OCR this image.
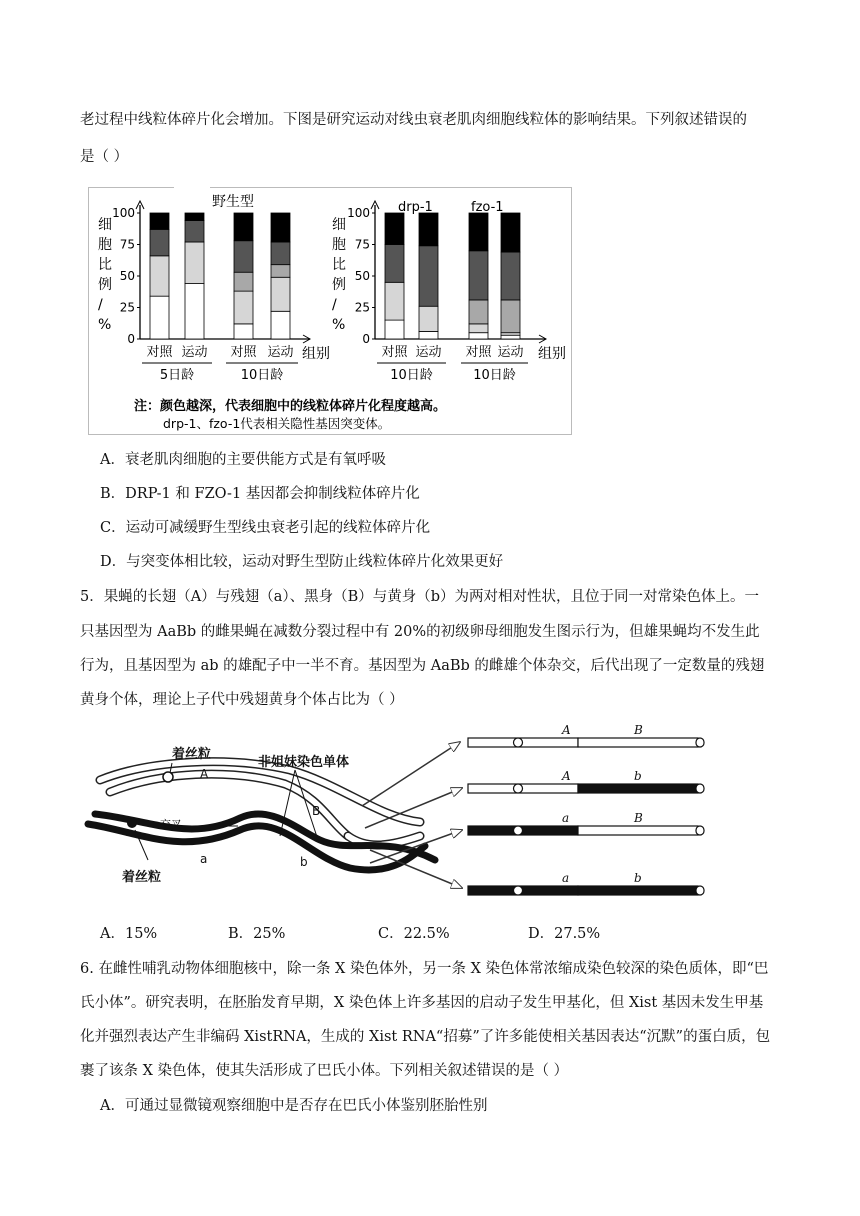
老过程中线粒体碎片化会增加。下图是研究运动对线虫衰老肌肉细胞线粒体的影响结果。下列叙述错误的
是（ ）
100
75
50
25
0
细
胞
比
例
/
%
组别
对照 运动 对照 运动
5日龄	10日龄
100
75
50
25
0
细
胞
比
例
/
%
组别
对照 运动 对照 运动
10日龄	10日龄
野生型	drp-1	fzo-1
注：颜色越深，代表细胞中的线粒体碎片化程度越高。
drp-1、fzo-1代表相关隐性基因突变体。
A．衰老肌肉细胞的主要供能方式是有氧呼吸
B．DRP-1 和 FZO-1 基因都会抑制线粒体碎片化
C．运动可减缓野生型线虫衰老引起的线粒体碎片化
D．与突变体相比较，运动对野生型防止线粒体碎片化效果更好
5．果蝇的长翅（A）与残翅（a）、黑身（B）与黄身（b）为两对相对性状，且位于同一对常染色体上。一
只基因型为 AaBb 的雌果蝇在减数分裂过程中有 20%的初级卵母细胞发生图示行为，但雄果蝇均不发生此
行为，且基因型为 ab 的雄配子中一半不育。基因型为 AaBb 的雌雄个体杂交，后代出现了一定数量的残翅
黄身个体，理论上子代中残翅黄身个体占比为（ ）
着丝粒
着丝粒
交叉
非姐妹染色单体
A
B
a	b
A	B
A	b
a	B
a	b
A．15%	B．25%	C．22.5%	D．27.5%
6. 在雌性哺乳动物体细胞核中，除一条 X 染色体外，另一条 X 染色体常浓缩成染色较深的染色质体，即“巴
氏小体”。研究表明，在胚胎发育早期，X 染色体上许多基因的启动子发生甲基化，但 Xist 基因未发生甲基
化并强烈表达产生非编码 XistRNA，生成的 Xist RNA“招募”了许多能使相关基因表达“沉默”的蛋白质，包
裹了该条 X 染色体，使其失活形成了巴氏小体。下列相关叙述错误的是（ ）
A．可通过显微镜观察细胞中是否存在巴氏小体鉴别胚胎性别
